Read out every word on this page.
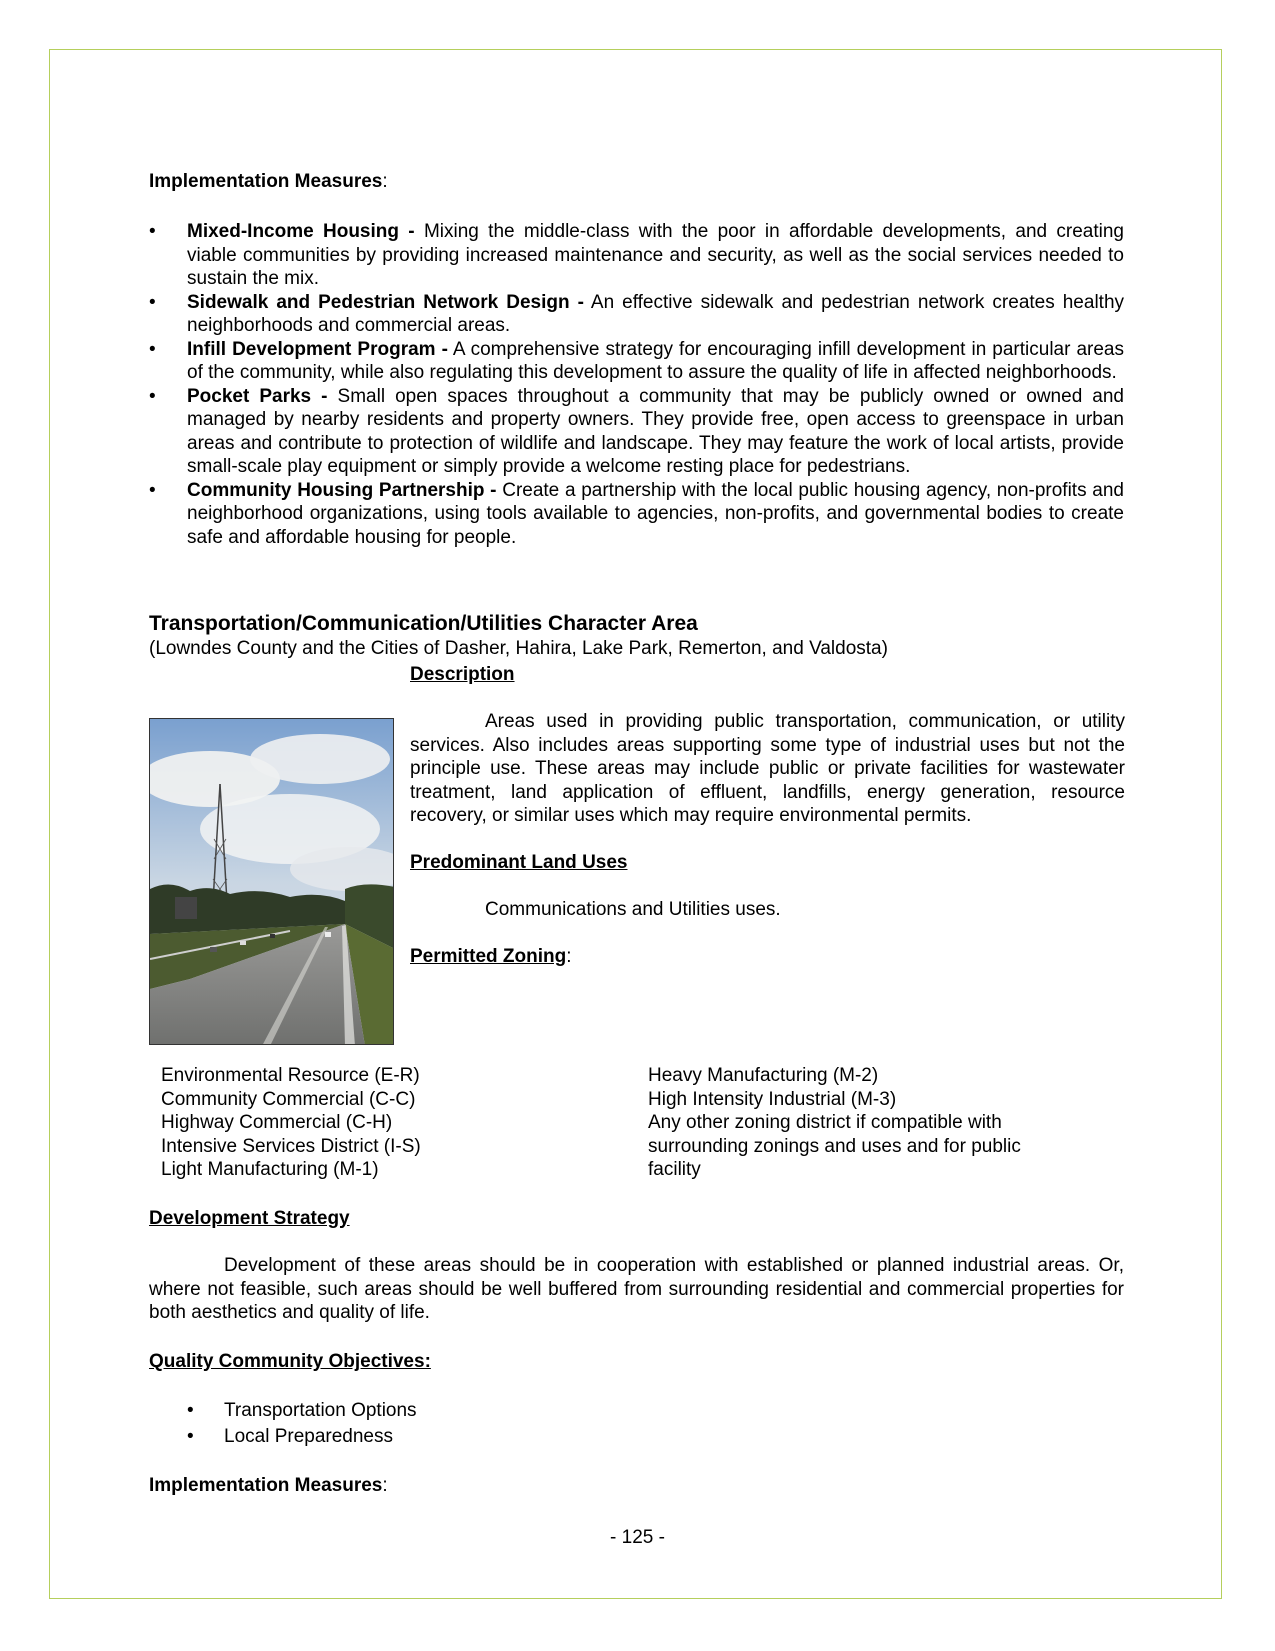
Implementation Measures:
• Mixed-Income Housing - Mixing the middle-class with the poor in affordable developments, and creating viable communities by providing increased maintenance and security, as well as the social services needed to sustain the mix.
• Sidewalk and Pedestrian Network Design - An effective sidewalk and pedestrian network creates healthy neighborhoods and commercial areas.
• Infill Development Program - A comprehensive strategy for encouraging infill development in particular areas of the community, while also regulating this development to assure the quality of life in affected neighborhoods.
• Pocket Parks - Small open spaces throughout a community that may be publicly owned or owned and managed by nearby residents and property owners. They provide free, open access to greenspace in urban areas and contribute to protection of wildlife and landscape. They may feature the work of local artists, provide small-scale play equipment or simply provide a welcome resting place for pedestrians.
• Community Housing Partnership - Create a partnership with the local public housing agency, non-profits and neighborhood organizations, using tools available to agencies, non-profits, and governmental bodies to create safe and affordable housing for people.
Transportation/Communication/Utilities Character Area
(Lowndes County and the Cities of Dasher, Hahira, Lake Park, Remerton, and Valdosta)
Description
Areas used in providing public transportation, communication, or utility services. Also includes areas supporting some type of industrial uses but not the principle use. These areas may include public or private facilities for wastewater treatment, land application of effluent, landfills, energy generation, resource recovery, or similar uses which may require environmental permits.
Predominant Land Uses
Communications and Utilities uses.
Permitted Zoning:
Environmental Resource (E-R)
Community Commercial (C-C)
Highway Commercial (C-H)
Intensive Services District (I-S)
Light Manufacturing (M-1)
Heavy Manufacturing (M-2)
High Intensity Industrial (M-3)
Any other zoning district if compatible with
surrounding zonings and uses and for public
facility
Development Strategy
Development of these areas should be in cooperation with established or planned industrial areas. Or, where not feasible, such areas should be well buffered from surrounding residential and commercial properties for both aesthetics and quality of life.
Quality Community Objectives:
• Transportation Options
• Local Preparedness
Implementation Measures:
- 125 -
